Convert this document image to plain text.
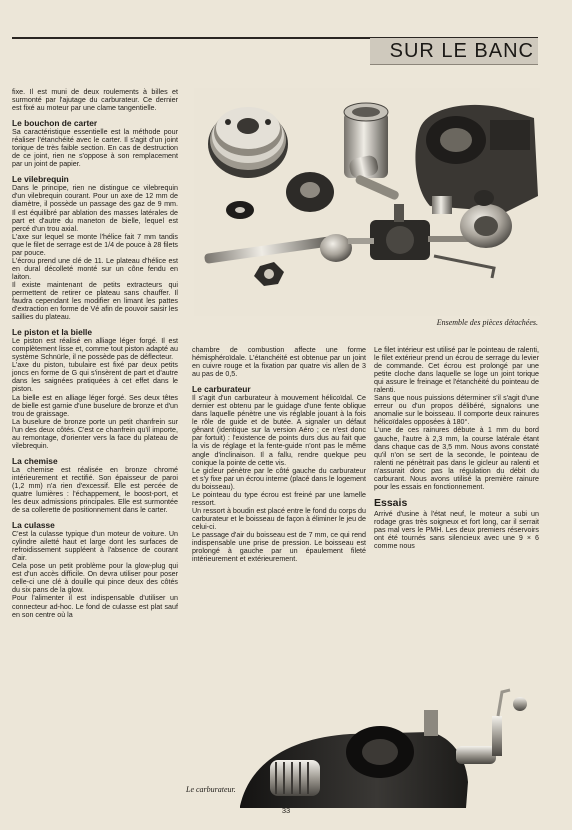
SUR LE BANC

fixe. Il est muni de deux roulements à billes et surmonté par l'ajutage du carburateur. Ce dernier est fixé au moteur par une clame tangentielle.

Le bouchon de carter

Sa caractéristique essentielle est la méthode pour réaliser l'étanchéité avec le carter. Il s'agit d'un joint torique de très faible section. En cas de destruction de ce joint, rien ne s'oppose à son remplacement par un joint de papier.

Le vilebrequin

Dans le principe, rien ne distingue ce vilebrequin d'un vilebrequin courant. Pour un axe de 12 mm de diamètre, il possède un passage des gaz de 9 mm. Il est équilibré par ablation des masses latérales de part et d'autre du maneton de bielle, lequel est percé d'un trou axial.

L'axe sur lequel se monte l'hélice fait 7 mm tandis que le filet de serrage est de 1/4 de pouce à 28 filets par pouce.

L'écrou prend une clé de 11. Le plateau d'hélice est en dural décolleté monté sur un cône fendu en laiton.

Il existe maintenant de petits extracteurs qui permettent de retirer ce plateau sans chauffer. Il faudra cependant les modifier en limant les pattes d'extraction en forme de Vé afin de pouvoir saisir les saillies du plateau.

Le piston et la bielle

Le piston est réalisé en alliage léger forgé. Il est complètement lisse et, comme tout piston adapté au système Schnürle, il ne possède pas de déflecteur.

L'axe du piston, tubulaire est fixé par deux petits joncs en forme de G qui s'insèrent de part et d'autre dans les saignées pratiquées à cet effet dans le piston.

La bielle est en alliage léger forgé. Ses deux têtes de bielle est garnie d'une buselure de bronze et d'un trou de graissage.

La buselure de bronze porte un petit chanfrein sur l'un des deux côtés. C'est ce chanfrein qu'il importe, au remontage, d'orienter vers la face du plateau de vilebrequin.

La chemise

La chemise est réalisée en bronze chromé intérieurement et rectifié. Son épaisseur de paroi (1,2 mm) n'a rien d'excessif. Elle est percée de quatre lumières : l'échappement, le boost-port, et les deux admissions principales. Elle est surmontée de sa collerette de positionnement dans le carter.

La culasse

C'est la culasse typique d'un moteur de voiture. Un cylindre ailetté haut et large dont les surfaces de refroidissement suppléent à l'absence de courant d'air.

Cela pose un petit problème pour la glow-plug qui est d'un accès difficile. On devra utiliser pour poser celle-ci une clé à douille qui pince deux des côtés du six pans de la glow.

Pour l'alimenter il est indispensable d'utiliser un connecteur ad-hoc. Le fond de culasse est plat sauf en son centre où la

Ensemble des pièces détachées.

chambre de combustion affecte une forme hémisphéroïdale. L'étanchéité est obtenue par un joint en cuivre rouge et la fixation par quatre vis allen de 3 au pas de 0,5.

Le carburateur

Il s'agit d'un carburateur à mouvement hélicoïdal. Ce dernier est obtenu par le guidage d'une fente oblique dans laquelle pénètre une vis réglable jouant à la fois le rôle de guide et de butée. A signaler un défaut gênant (identique sur la version Aéro ; ce n'est donc par fortuit) : l'existence de points durs dus au fait que la vis de réglage et la fente-guide n'ont pas le même angle d'inclinaison. Il a fallu, rendre quelque peu conique la pointe de cette vis.

Le gicleur pénètre par le côté gauche du carburateur et s'y fixe par un écrou interne (placé dans le logement du boisseau).

Le pointeau du type écrou est freiné par une lamelle ressort.

Un ressort à boudin est placé entre le fond du corps du carburateur et le boisseau de façon à éliminer le jeu de celui-ci.

Le passage d'air du boisseau est de 7 mm, ce qui rend indispensable une prise de pression. Le boisseau est prolongé à gauche par un épaulement fileté intérieurement et extérieurement.

Le filet intérieur est utilisé par le pointeau de ralenti, le filet extérieur prend un écrou de serrage du levier de commande. Cet écrou est prolongé par une petite cloche dans laquelle se loge un joint torique qui assure le freinage et l'étanchéité du pointeau de ralenti.

Sans que nous puissions déterminer s'il s'agit d'une erreur ou d'un propos délibéré, signalons une anomalie sur le boisseau. Il comporte deux rainures hélicoïdales opposées à 180°.

L'une de ces rainures débute à 1 mm du bord gauche, l'autre à 2,3 mm, la course latérale étant dans chaque cas de 3,5 mm. Nous avons constaté qu'il n'on se sert de la seconde, le pointeau de ralenti ne pénètrait pas dans le gicleur au ralenti et n'assurait donc pas la régulation du débit du carburant. Nous avons utilisé la première rainure pour les essais en fonctionnement.

Essais

Arrivé d'usine à l'état neuf, le moteur a subi un rodage gras très soigneux et fort long, car il serrait pas mal vers le PMH. Les deux premiers réservoirs ont été tournés sans silencieux avec une 9 × 6 comme nous

Le carburateur.
33
